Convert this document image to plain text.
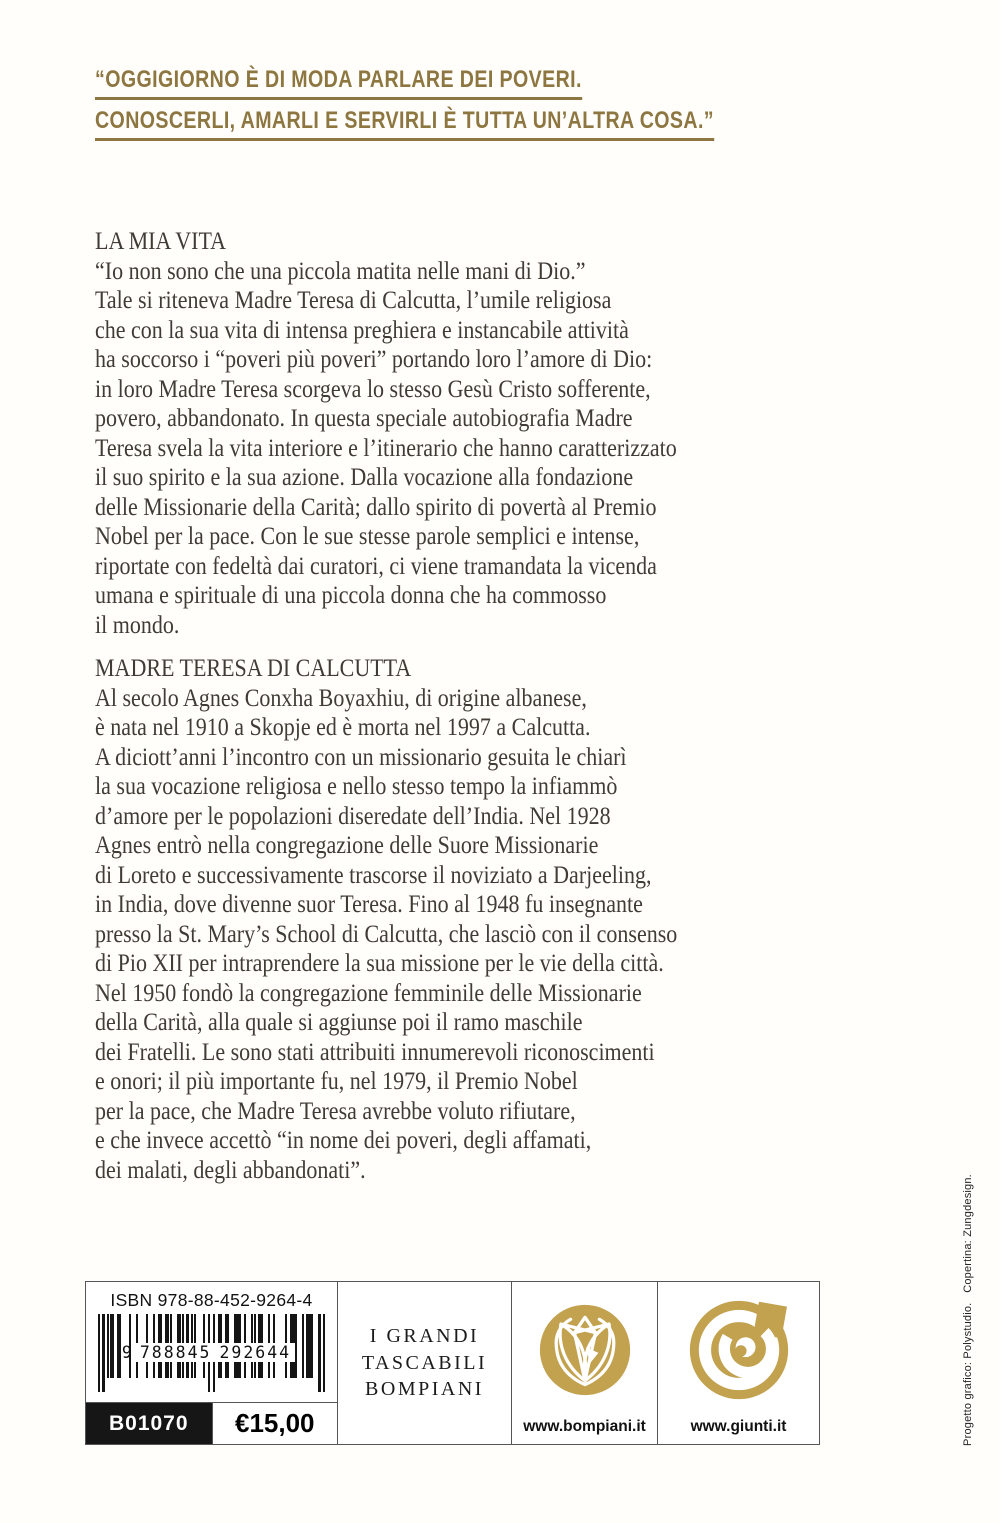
“OGGIGIORNO È DI MODA PARLARE DEI POVERI.
CONOSCERLI, AMARLI E SERVIRLI È TUTTA UN’ALTRA COSA.”
LA MIA VITA
“Io non sono che una piccola matita nelle mani di Dio.”
Tale si riteneva Madre Teresa di Calcutta, l’umile religiosa
che con la sua vita di intensa preghiera e instancabile attività
ha soccorso i “poveri più poveri” portando loro l’amore di Dio:
in loro Madre Teresa scorgeva lo stesso Gesù Cristo sofferente,
povero, abbandonato. In questa speciale autobiografia Madre
Teresa svela la vita interiore e l’itinerario che hanno caratterizzato
il suo spirito e la sua azione. Dalla vocazione alla fondazione
delle Missionarie della Carità; dallo spirito di povertà al Premio
Nobel per la pace. Con le sue stesse parole semplici e intense,
riportate con fedeltà dai curatori, ci viene tramandata la vicenda
umana e spirituale di una piccola donna che ha commosso
il mondo.
MADRE TERESA DI CALCUTTA
Al secolo Agnes Conxha Boyaxhiu, di origine albanese,
è nata nel 1910 a Skopje ed è morta nel 1997 a Calcutta.
A diciott’anni l’incontro con un missionario gesuita le chiarì
la sua vocazione religiosa e nello stesso tempo la infiammò
d’amore per le popolazioni diseredate dell’India. Nel 1928
Agnes entrò nella congregazione delle Suore Missionarie
di Loreto e successivamente trascorse il noviziato a Darjeeling,
in India, dove divenne suor Teresa. Fino al 1948 fu insegnante
presso la St. Mary’s School di Calcutta, che lasciò con il consenso
di Pio XII per intraprendere la sua missione per le vie della città.
Nel 1950 fondò la congregazione femminile delle Missionarie
della Carità, alla quale si aggiunse poi il ramo maschile
dei Fratelli. Le sono stati attribuiti innumerevoli riconoscimenti
e onori; il più importante fu, nel 1979, il Premio Nobel
per la pace, che Madre Teresa avrebbe voluto rifiutare,
e che invece accettò “in nome dei poveri, degli affamati,
dei malati, degli abbandonati”.
ISBN 978-88-452-9264-4
9 788845 292644
B01070	€15,00
I GRANDI
TASCABILI
BOMPIANI
www.bompiani.it	www.giunti.it	Progetto grafico: Polystudio.   Copertina: Zungdesign.
